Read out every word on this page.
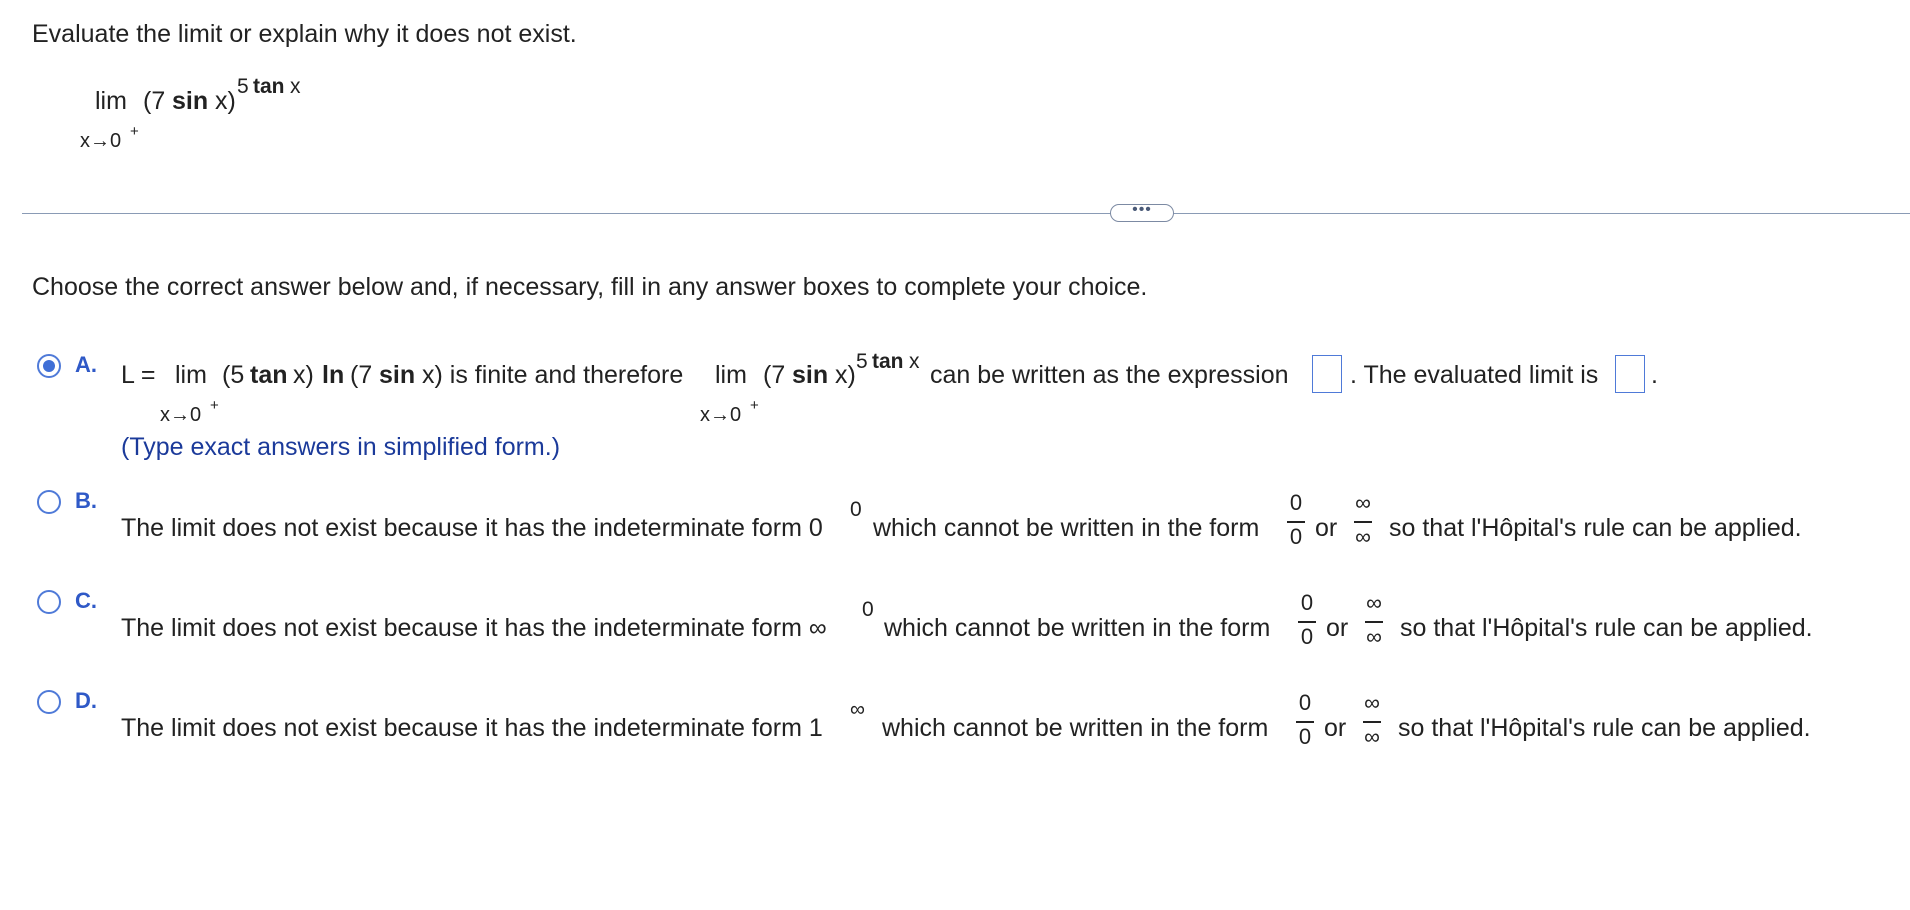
Evaluate the limit or explain why it does not exist.
lim (7 sin x)
5 tan x
x→0 +
•••
Choose the correct answer below and, if necessary, fill in any answer boxes to complete your choice.
A. L = lim (5 tan x) ln (7 sin x) is finite and therefore lim (7 sin x) 5 tan x can be written as the expression . The evaluated limit is .
x→0 +	x→0 +
(Type exact answers in simplified form.)
B.
The limit does not exist because it has the indeterminate form 0
0
which cannot be written in the form
0
0 or
∞
∞ so that l'Hôpital's rule can be applied.
C.
The limit does not exist because it has the indeterminate form ∞
0
which cannot be written in the form
0
0 or
∞
∞ so that l'Hôpital's rule can be applied.
D.
The limit does not exist because it has the indeterminate form 1
∞
which cannot be written in the form
0
0 or
∞
∞ so that l'Hôpital's rule can be applied.
